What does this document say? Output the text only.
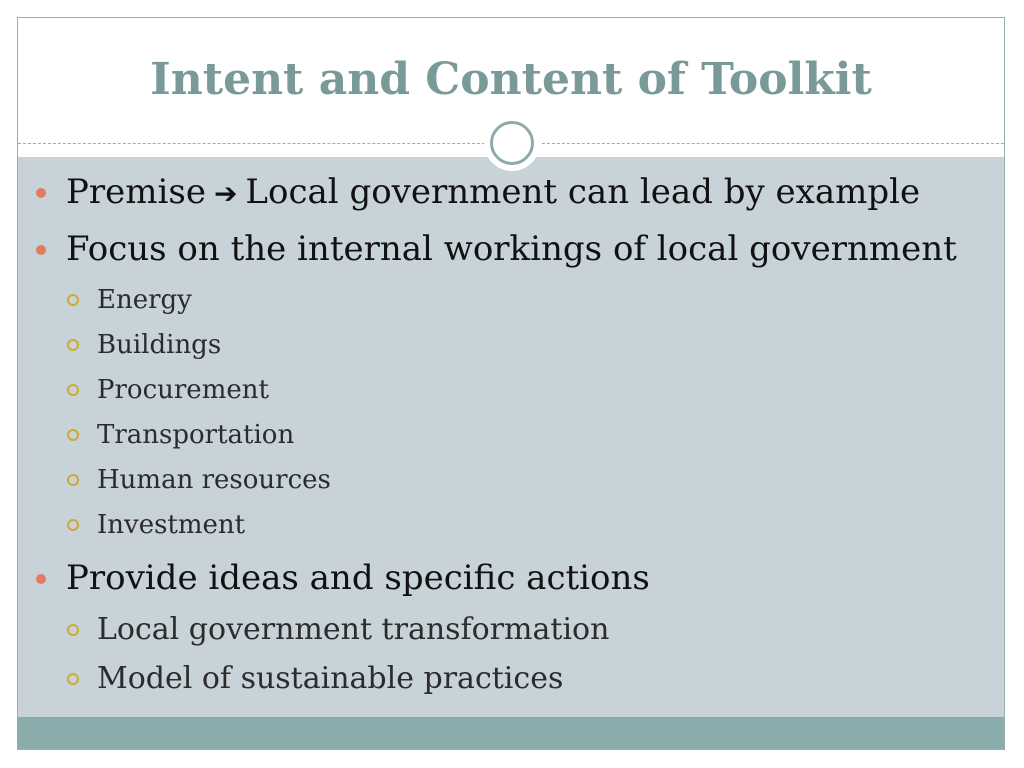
Intent and Content of Toolkit
Premise ➔ Local government can lead by example
Focus on the internal workings of local government
Energy
Buildings
Procurement
Transportation
Human resources
Investment
Provide ideas and specific actions
Local government transformation
Model of sustainable practices
